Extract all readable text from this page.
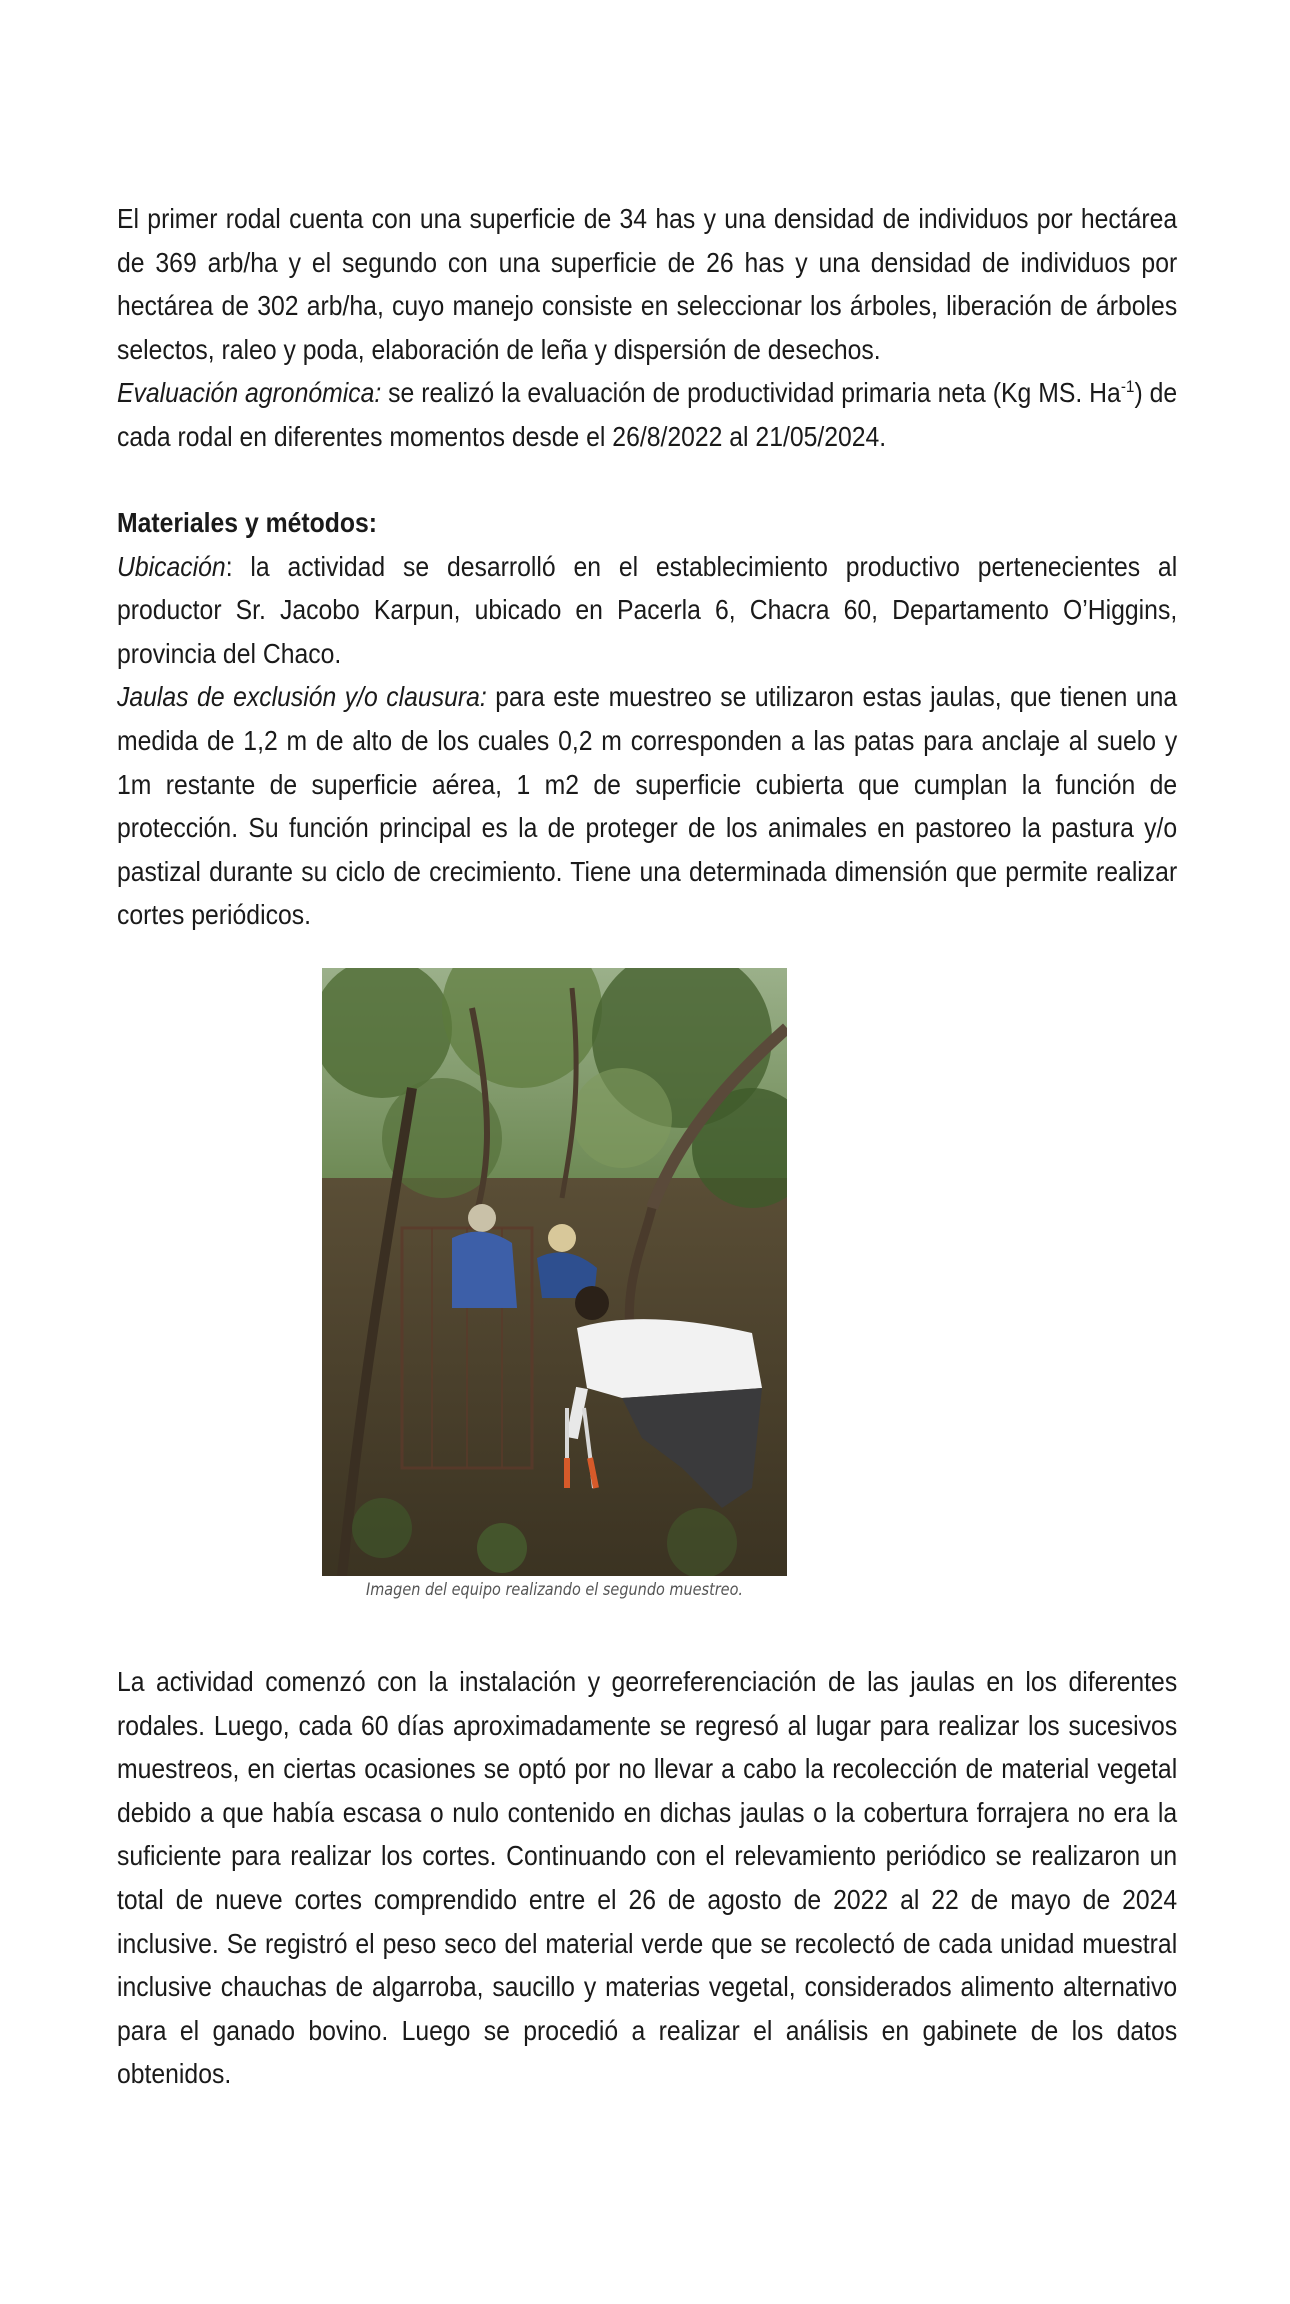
El primer rodal cuenta con una superficie de 34 has y una densidad de individuos por hectárea de 369 arb/ha y el segundo con una superficie de 26 has y una densidad de individuos por hectárea de 302 arb/ha, cuyo manejo consiste en seleccionar los árboles, liberación de árboles selectos, raleo y poda, elaboración de leña y dispersión de desechos.

Evaluación agronómica: se realizó la evaluación de productividad primaria neta (Kg MS. $Ha^{-1}$) de cada rodal en diferentes momentos desde el 26/8/2022 al 21/05/2024.

Materiales y métodos:

Ubicación: la actividad se desarrolló en el establecimiento productivo pertenecientes al productor Sr. Jacobo Karpun, ubicado en Pacerla 6, Chacra 60, Departamento O’Higgins, provincia del Chaco.

Jaulas de exclusión y/o clausura: para este muestreo se utilizaron estas jaulas, que tienen una medida de 1,2 m de alto de los cuales 0,2 m corresponden a las patas para anclaje al suelo y 1m restante de superficie aérea, 1 m2 de superficie cubierta que cumplan la función de protección. Su función principal es la de proteger de los animales en pastoreo la pastura y/o pastizal durante su ciclo de crecimiento. Tiene una determinada dimensión que permite realizar cortes periódicos.

Imagen del equipo realizando el segundo muestreo.

La actividad comenzó con la instalación y georreferenciación de las jaulas en los diferentes rodales. Luego, cada 60 días aproximadamente se regresó al lugar para realizar los sucesivos muestreos, en ciertas ocasiones se optó por no llevar a cabo la recolección de material vegetal debido a que había escasa o nulo contenido en dichas jaulas o la cobertura forrajera no era la suficiente para realizar los cortes. Continuando con el relevamiento periódico se realizaron un total de nueve cortes comprendido entre el 26 de agosto de 2022 al 22 de mayo de 2024 inclusive. Se registró el peso seco del material verde que se recolectó de cada unidad muestral inclusive chauchas de algarroba, saucillo y materias vegetal, considerados alimento alternativo para el ganado bovino. Luego se procedió a realizar el análisis en gabinete de los datos obtenidos.
